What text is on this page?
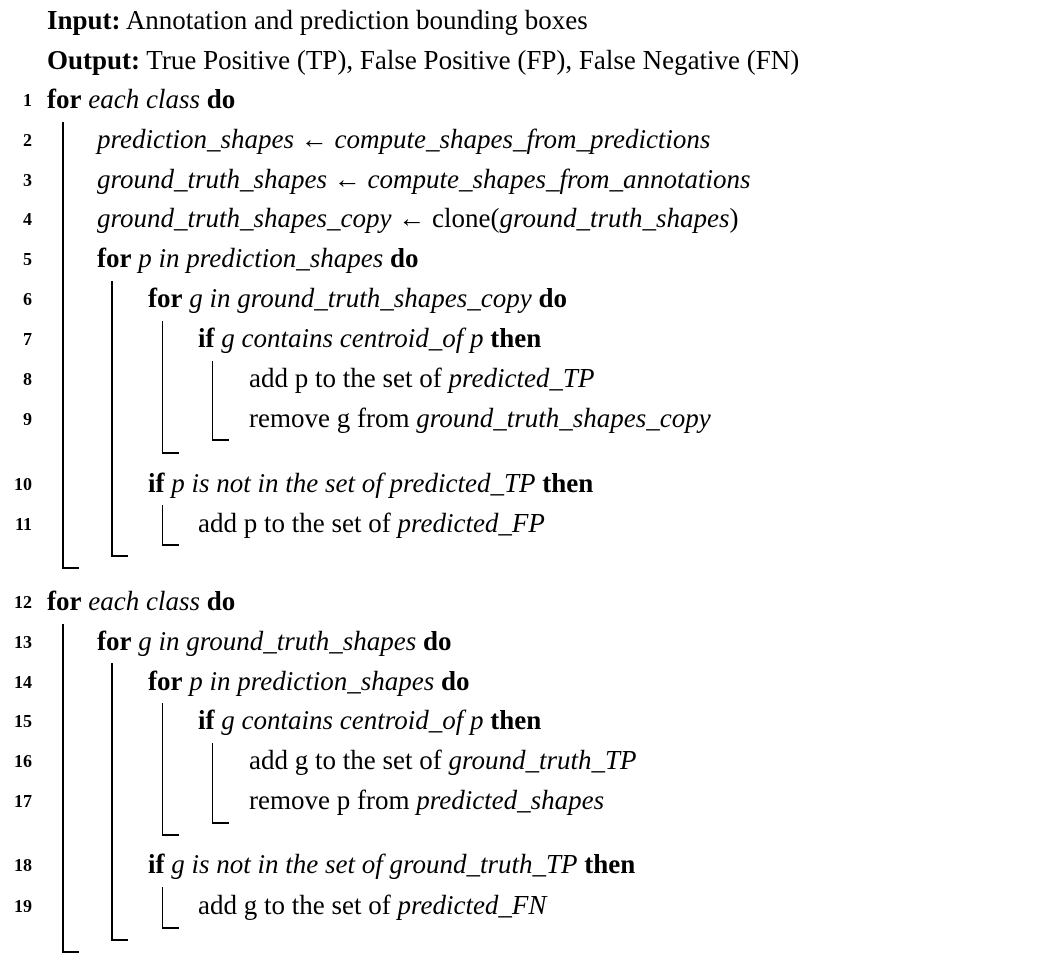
Input: Annotation and prediction bounding boxes
Output: True Positive (TP), False Positive (FP), False Negative (FN)
1 for each class do
2 prediction_shapes ← compute_shapes_from_predictions
3 ground_truth_shapes ← compute_shapes_from_annotations
4 ground_truth_shapes_copy ← clone(ground_truth_shapes)
5 for p in prediction_shapes do
6	for g in ground_truth_shapes_copy do
7	if g contains centroid_of p then
8	add p to the set of predicted_TP
9	remove g from ground_truth_shapes_copy
10	if p is not in the set of predicted_TP then
11	add p to the set of predicted_FP
12 for each class do
13 for g in ground_truth_shapes do
14	for p in prediction_shapes do
15	if g contains centroid_of p then
16	add g to the set of ground_truth_TP
17	remove p from predicted_shapes
18	if g is not in the set of ground_truth_TP then
19	add g to the set of predicted_FN
